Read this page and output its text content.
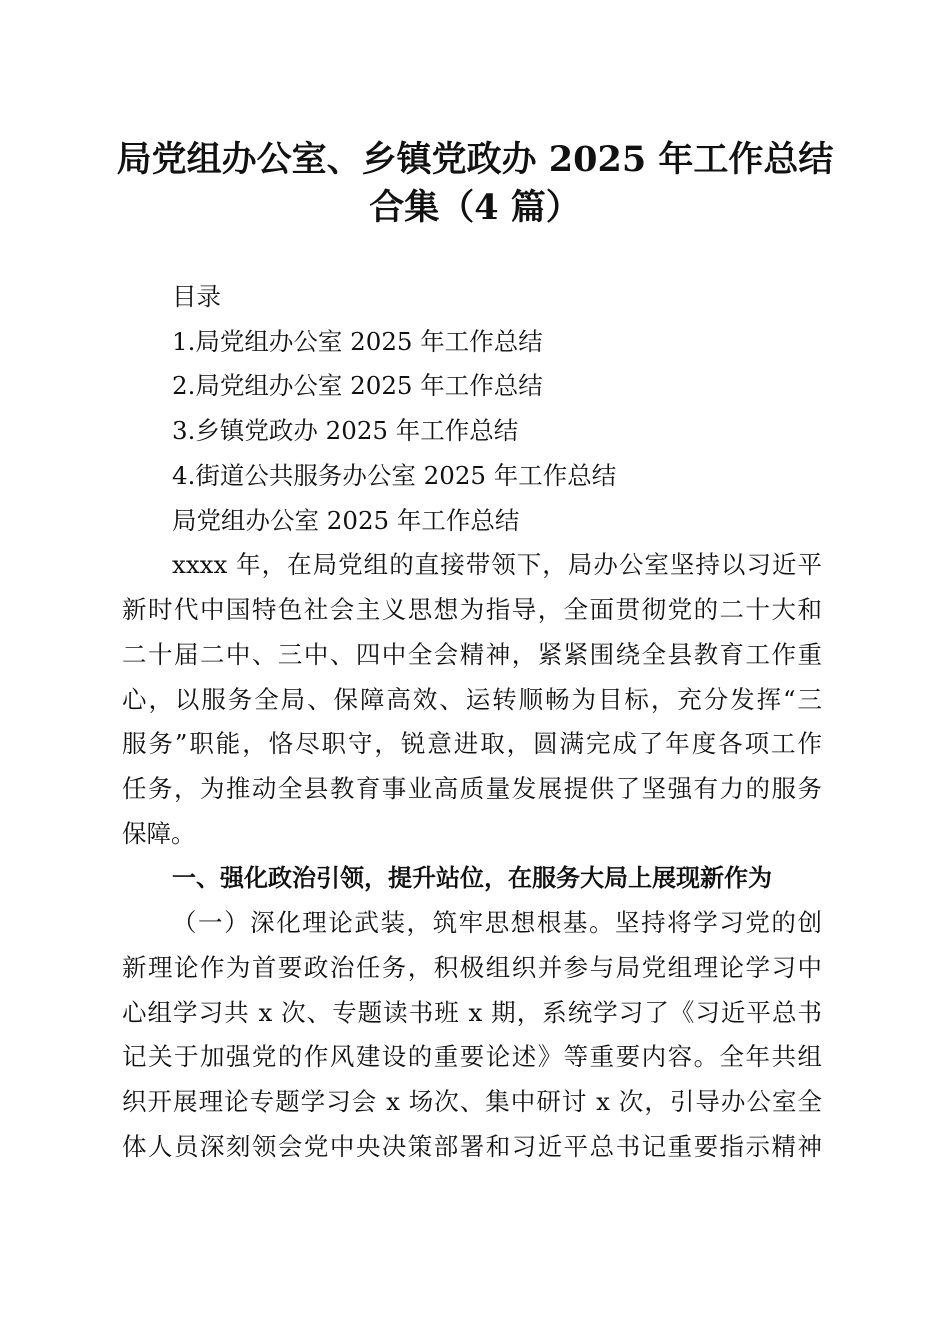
局党组办公室、乡镇党政办 2025 年工作总结
合集（4 篇）
目录
1.局党组办公室 2025 年工作总结
2.局党组办公室 2025 年工作总结
3.乡镇党政办 2025 年工作总结
4.街道公共服务办公室 2025 年工作总结
局党组办公室 2025 年工作总结
xxxx 年，在局党组的直接带领下，局办公室坚持以习近平
新时代中国特色社会主义思想为指导，全面贯彻党的二十大和
二十届二中、三中、四中全会精神，紧紧围绕全县教育工作重
心，以服务全局、保障高效、运转顺畅为目标，充分发挥“三
服务”职能，恪尽职守，锐意进取，圆满完成了年度各项工作
任务，为推动全县教育事业高质量发展提供了坚强有力的服务
保障。
一、强化政治引领，提升站位，在服务大局上展现新作为
（一）深化理论武装，筑牢思想根基。坚持将学习党的创
新理论作为首要政治任务，积极组织并参与局党组理论学习中
心组学习共 x 次、专题读书班 x 期，系统学习了《习近平总书
记关于加强党的作风建设的重要论述》等重要内容。全年共组
织开展理论专题学习会 x 场次、集中研讨 x 次，引导办公室全
体人员深刻领会党中央决策部署和习近平总书记重要指示精神
